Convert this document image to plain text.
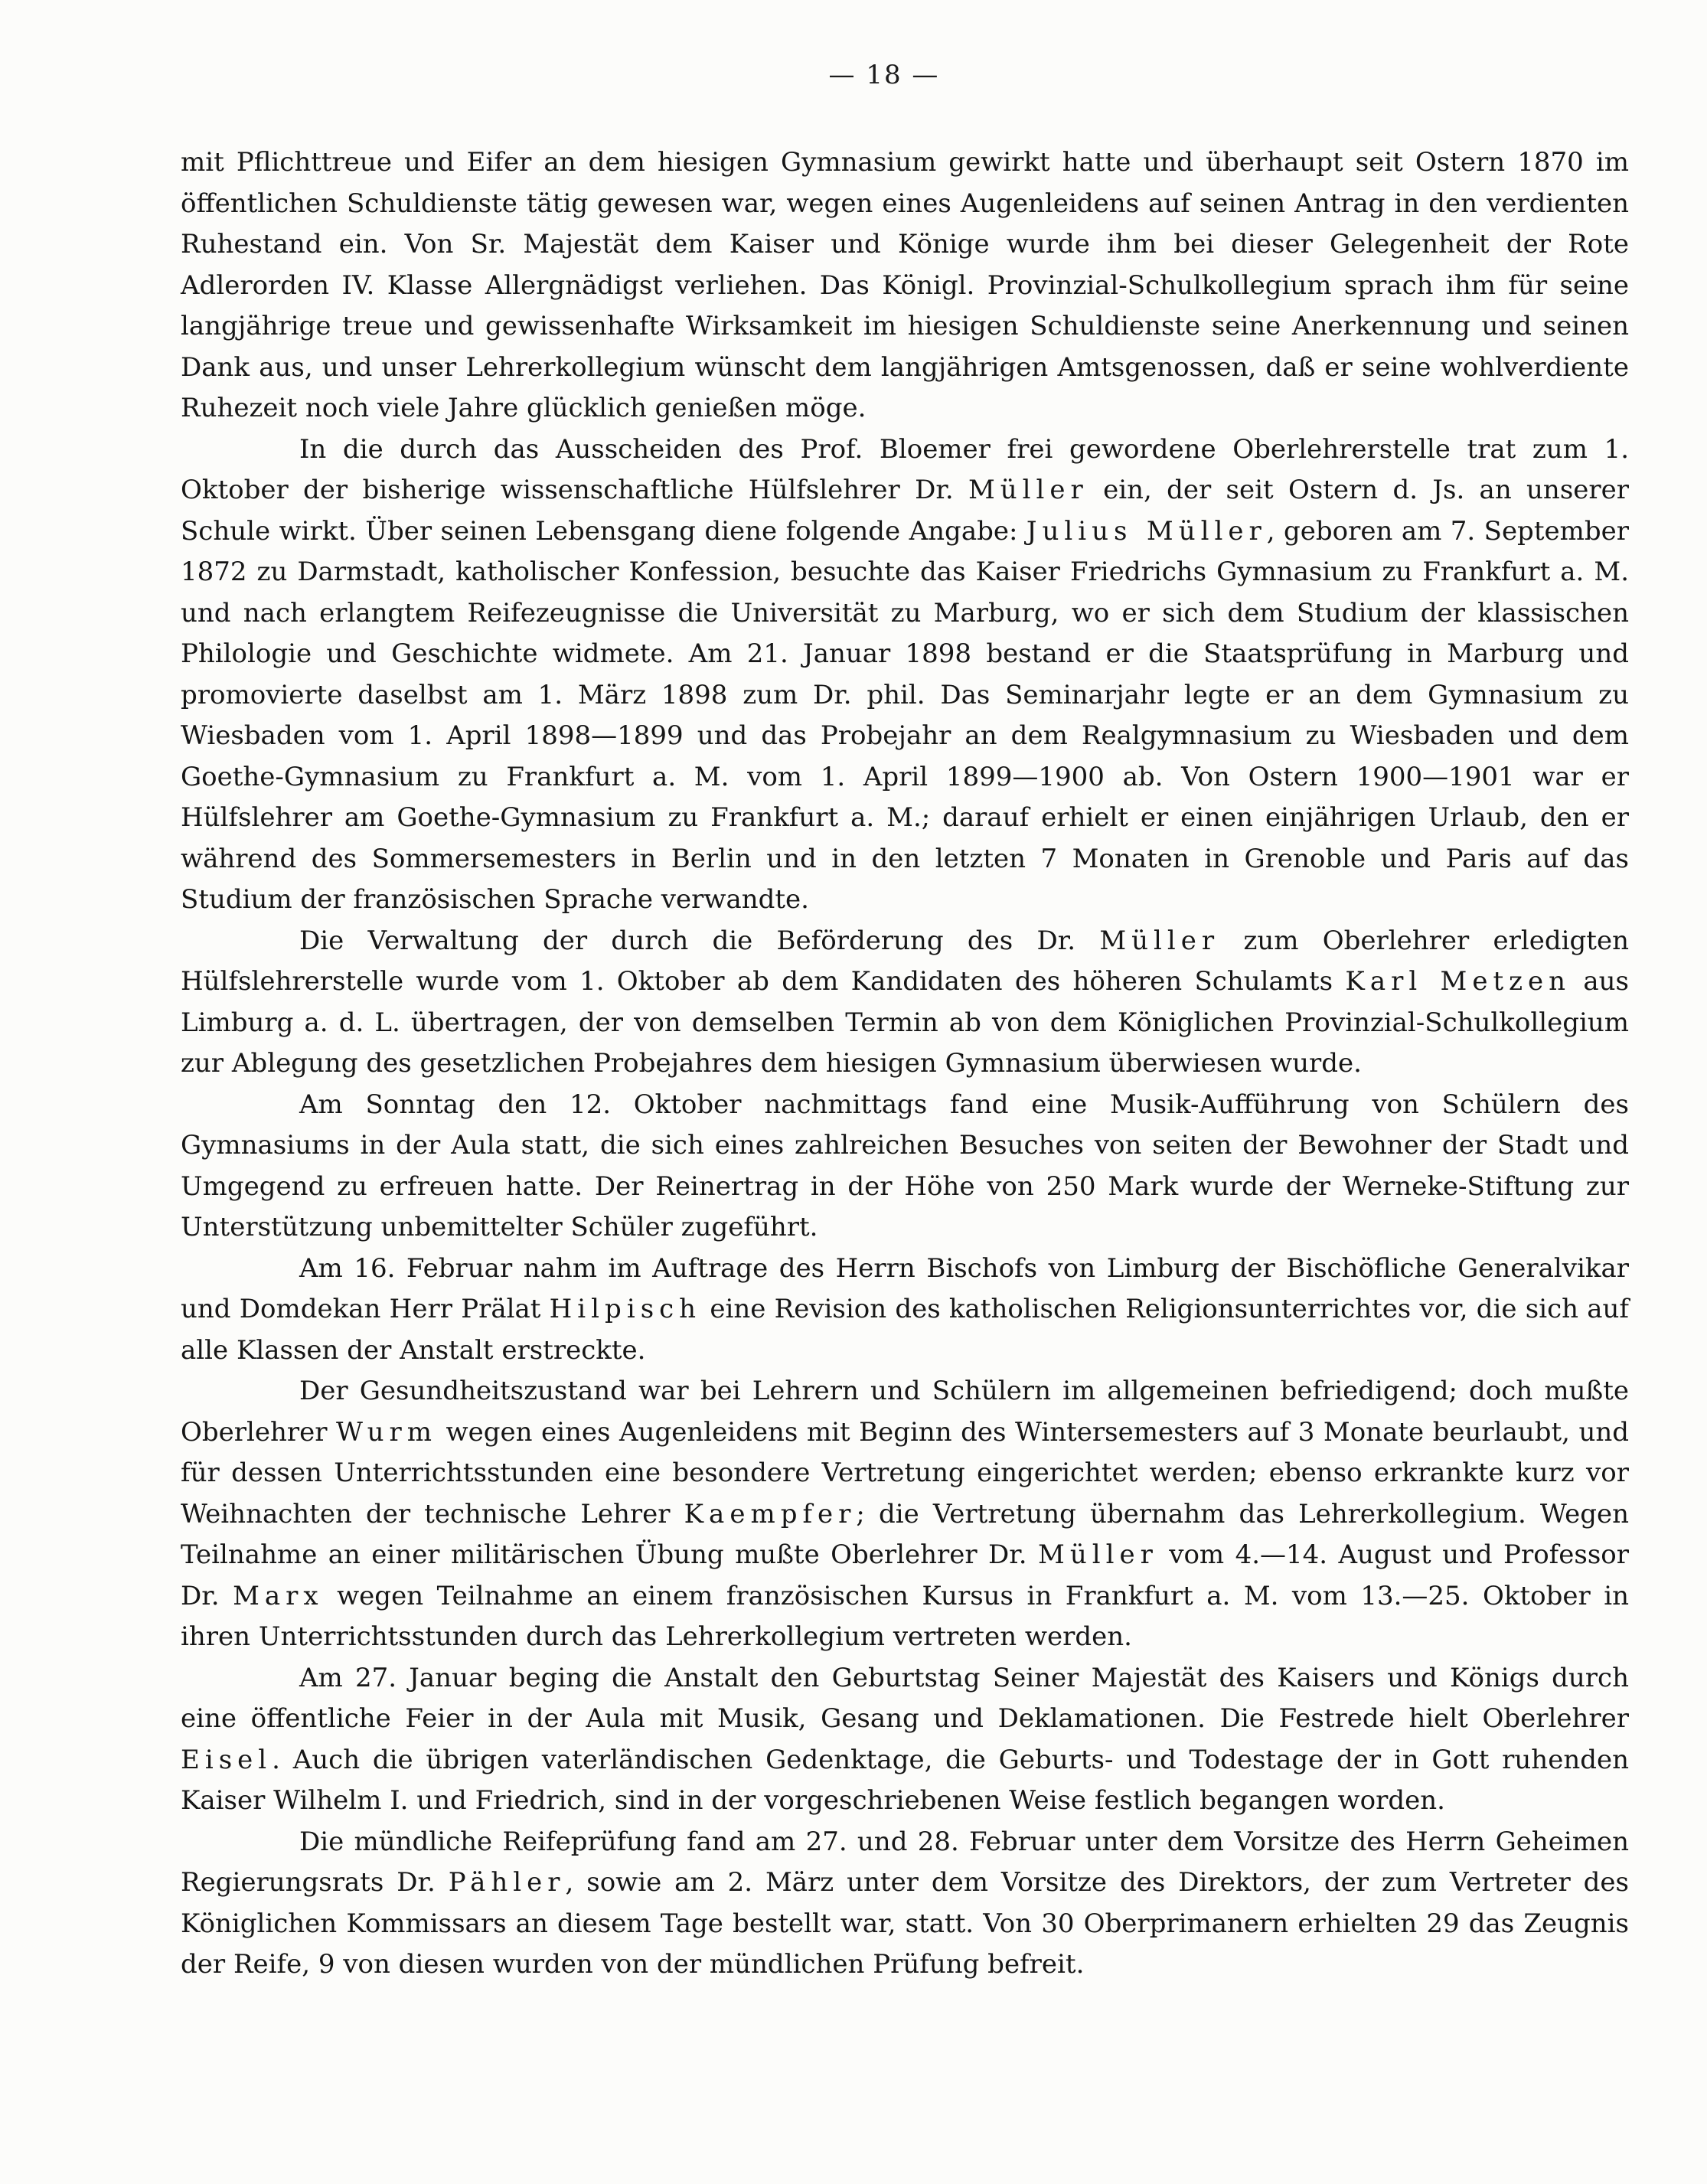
— 18 —

mit Pflichttreue und Eifer an dem hiesigen Gymnasium gewirkt hatte und überhaupt seit Ostern 1870 im öffentlichen Schuldienste tätig gewesen war, wegen eines Augenleidens auf seinen Antrag in den verdienten Ruhestand ein. Von Sr. Majestät dem Kaiser und Könige wurde ihm bei dieser Gelegenheit der Rote Adlerorden IV. Klasse Allergnädigst verliehen. Das Königl. Provinzial-Schulkollegium sprach ihm für seine langjährige treue und gewissenhafte Wirksamkeit im hiesigen Schuldienste seine Anerkennung und seinen Dank aus, und unser Lehrerkollegium wünscht dem langjährigen Amtsgenossen, daß er seine wohlverdiente Ruhezeit noch viele Jahre glücklich genießen möge.

In die durch das Ausscheiden des Prof. Bloemer frei gewordene Oberlehrerstelle trat zum 1. Oktober der bisherige wissenschaftliche Hülfslehrer Dr. Müller ein, der seit Ostern d. Js. an unserer Schule wirkt. Über seinen Lebensgang diene folgende Angabe: Julius Müller, geboren am 7. September 1872 zu Darmstadt, katholischer Konfession, besuchte das Kaiser Friedrichs Gymnasium zu Frankfurt a. M. und nach erlangtem Reifezeugnisse die Universität zu Marburg, wo er sich dem Studium der klassischen Philologie und Geschichte widmete. Am 21. Januar 1898 bestand er die Staatsprüfung in Marburg und promovierte daselbst am 1. März 1898 zum Dr. phil. Das Seminarjahr legte er an dem Gymnasium zu Wiesbaden vom 1. April 1898—1899 und das Probejahr an dem Realgymnasium zu Wiesbaden und dem Goethe-Gymnasium zu Frankfurt a. M. vom 1. April 1899—1900 ab. Von Ostern 1900—1901 war er Hülfslehrer am Goethe-Gymnasium zu Frankfurt a. M.; darauf erhielt er einen einjährigen Urlaub, den er während des Sommersemesters in Berlin und in den letzten 7 Monaten in Grenoble und Paris auf das Studium der französischen Sprache verwandte.

Die Verwaltung der durch die Beförderung des Dr. Müller zum Oberlehrer erledigten Hülfslehrerstelle wurde vom 1. Oktober ab dem Kandidaten des höheren Schulamts Karl Metzen aus Limburg a. d. L. übertragen, der von demselben Termin ab von dem Königlichen Provinzial-Schulkollegium zur Ablegung des gesetzlichen Probejahres dem hiesigen Gymnasium überwiesen wurde.

Am Sonntag den 12. Oktober nachmittags fand eine Musik-Aufführung von Schülern des Gymnasiums in der Aula statt, die sich eines zahlreichen Besuches von seiten der Bewohner der Stadt und Umgegend zu erfreuen hatte. Der Reinertrag in der Höhe von 250 Mark wurde der Werneke-Stiftung zur Unterstützung unbemittelter Schüler zugeführt.

Am 16. Februar nahm im Auftrage des Herrn Bischofs von Limburg der Bischöfliche Generalvikar und Domdekan Herr Prälat Hilpisch eine Revision des katholischen Religionsunterrichtes vor, die sich auf alle Klassen der Anstalt erstreckte.

Der Gesundheitszustand war bei Lehrern und Schülern im allgemeinen befriedigend; doch mußte Oberlehrer Wurm wegen eines Augenleidens mit Beginn des Wintersemesters auf 3 Monate beurlaubt, und für dessen Unterrichtsstunden eine besondere Vertretung eingerichtet werden; ebenso erkrankte kurz vor Weihnachten der technische Lehrer Kaempfer; die Vertretung übernahm das Lehrerkollegium. Wegen Teilnahme an einer militärischen Übung mußte Oberlehrer Dr. Müller vom 4.—14. August und Professor Dr. Marx wegen Teilnahme an einem französischen Kursus in Frankfurt a. M. vom 13.—25. Oktober in ihren Unterrichtsstunden durch das Lehrerkollegium vertreten werden.

Am 27. Januar beging die Anstalt den Geburtstag Seiner Majestät des Kaisers und Königs durch eine öffentliche Feier in der Aula mit Musik, Gesang und Deklamationen. Die Festrede hielt Oberlehrer Eisel. Auch die übrigen vaterländischen Gedenktage, die Geburts- und Todestage der in Gott ruhenden Kaiser Wilhelm I. und Friedrich, sind in der vorgeschriebenen Weise festlich begangen worden.

Die mündliche Reifeprüfung fand am 27. und 28. Februar unter dem Vorsitze des Herrn Geheimen Regierungsrats Dr. Pähler, sowie am 2. März unter dem Vorsitze des Direktors, der zum Vertreter des Königlichen Kommissars an diesem Tage bestellt war, statt. Von 30 Oberprimanern erhielten 29 das Zeugnis der Reife, 9 von diesen wurden von der mündlichen Prüfung befreit.
